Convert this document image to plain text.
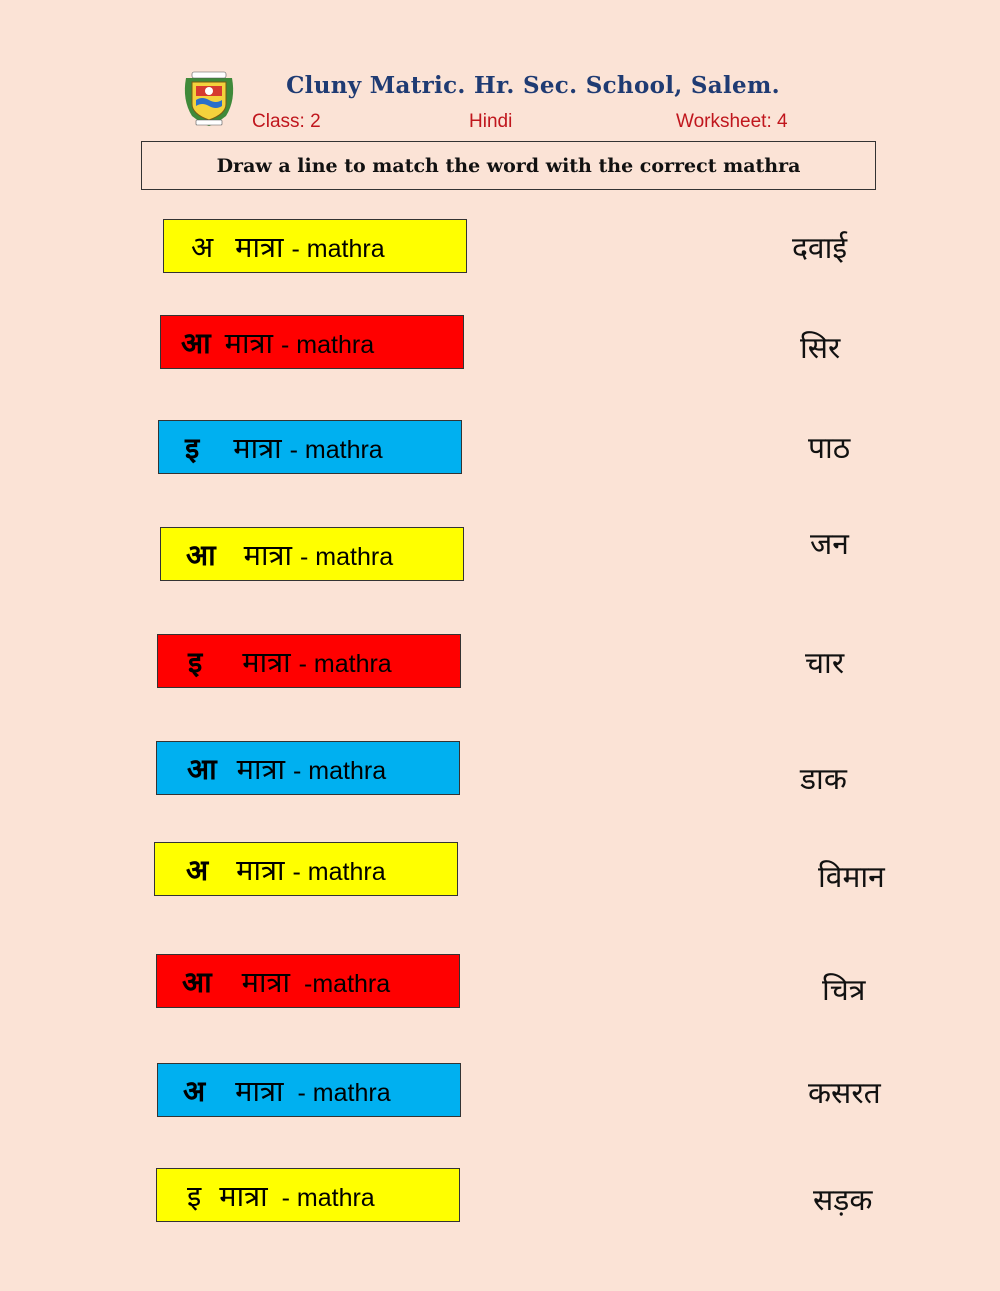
Cluny Matric. Hr. Sec. School, Salem.
Class: 2	Hindi	Worksheet: 4
Draw a line to match the word with the correct mathra
अ मात्रा - mathra
आ मात्रा - mathra
इ मात्रा - mathra
आ मात्रा - mathra
इ मात्रा - mathra
आ मात्रा - mathra
अ मात्रा - mathra
आ मात्रा -mathra
अ मात्रा - mathra
इ मात्रा - mathra
दवाई
सिर
पाठ
जन
चार
डाक
विमान
चित्र
कसरत
सड़क
